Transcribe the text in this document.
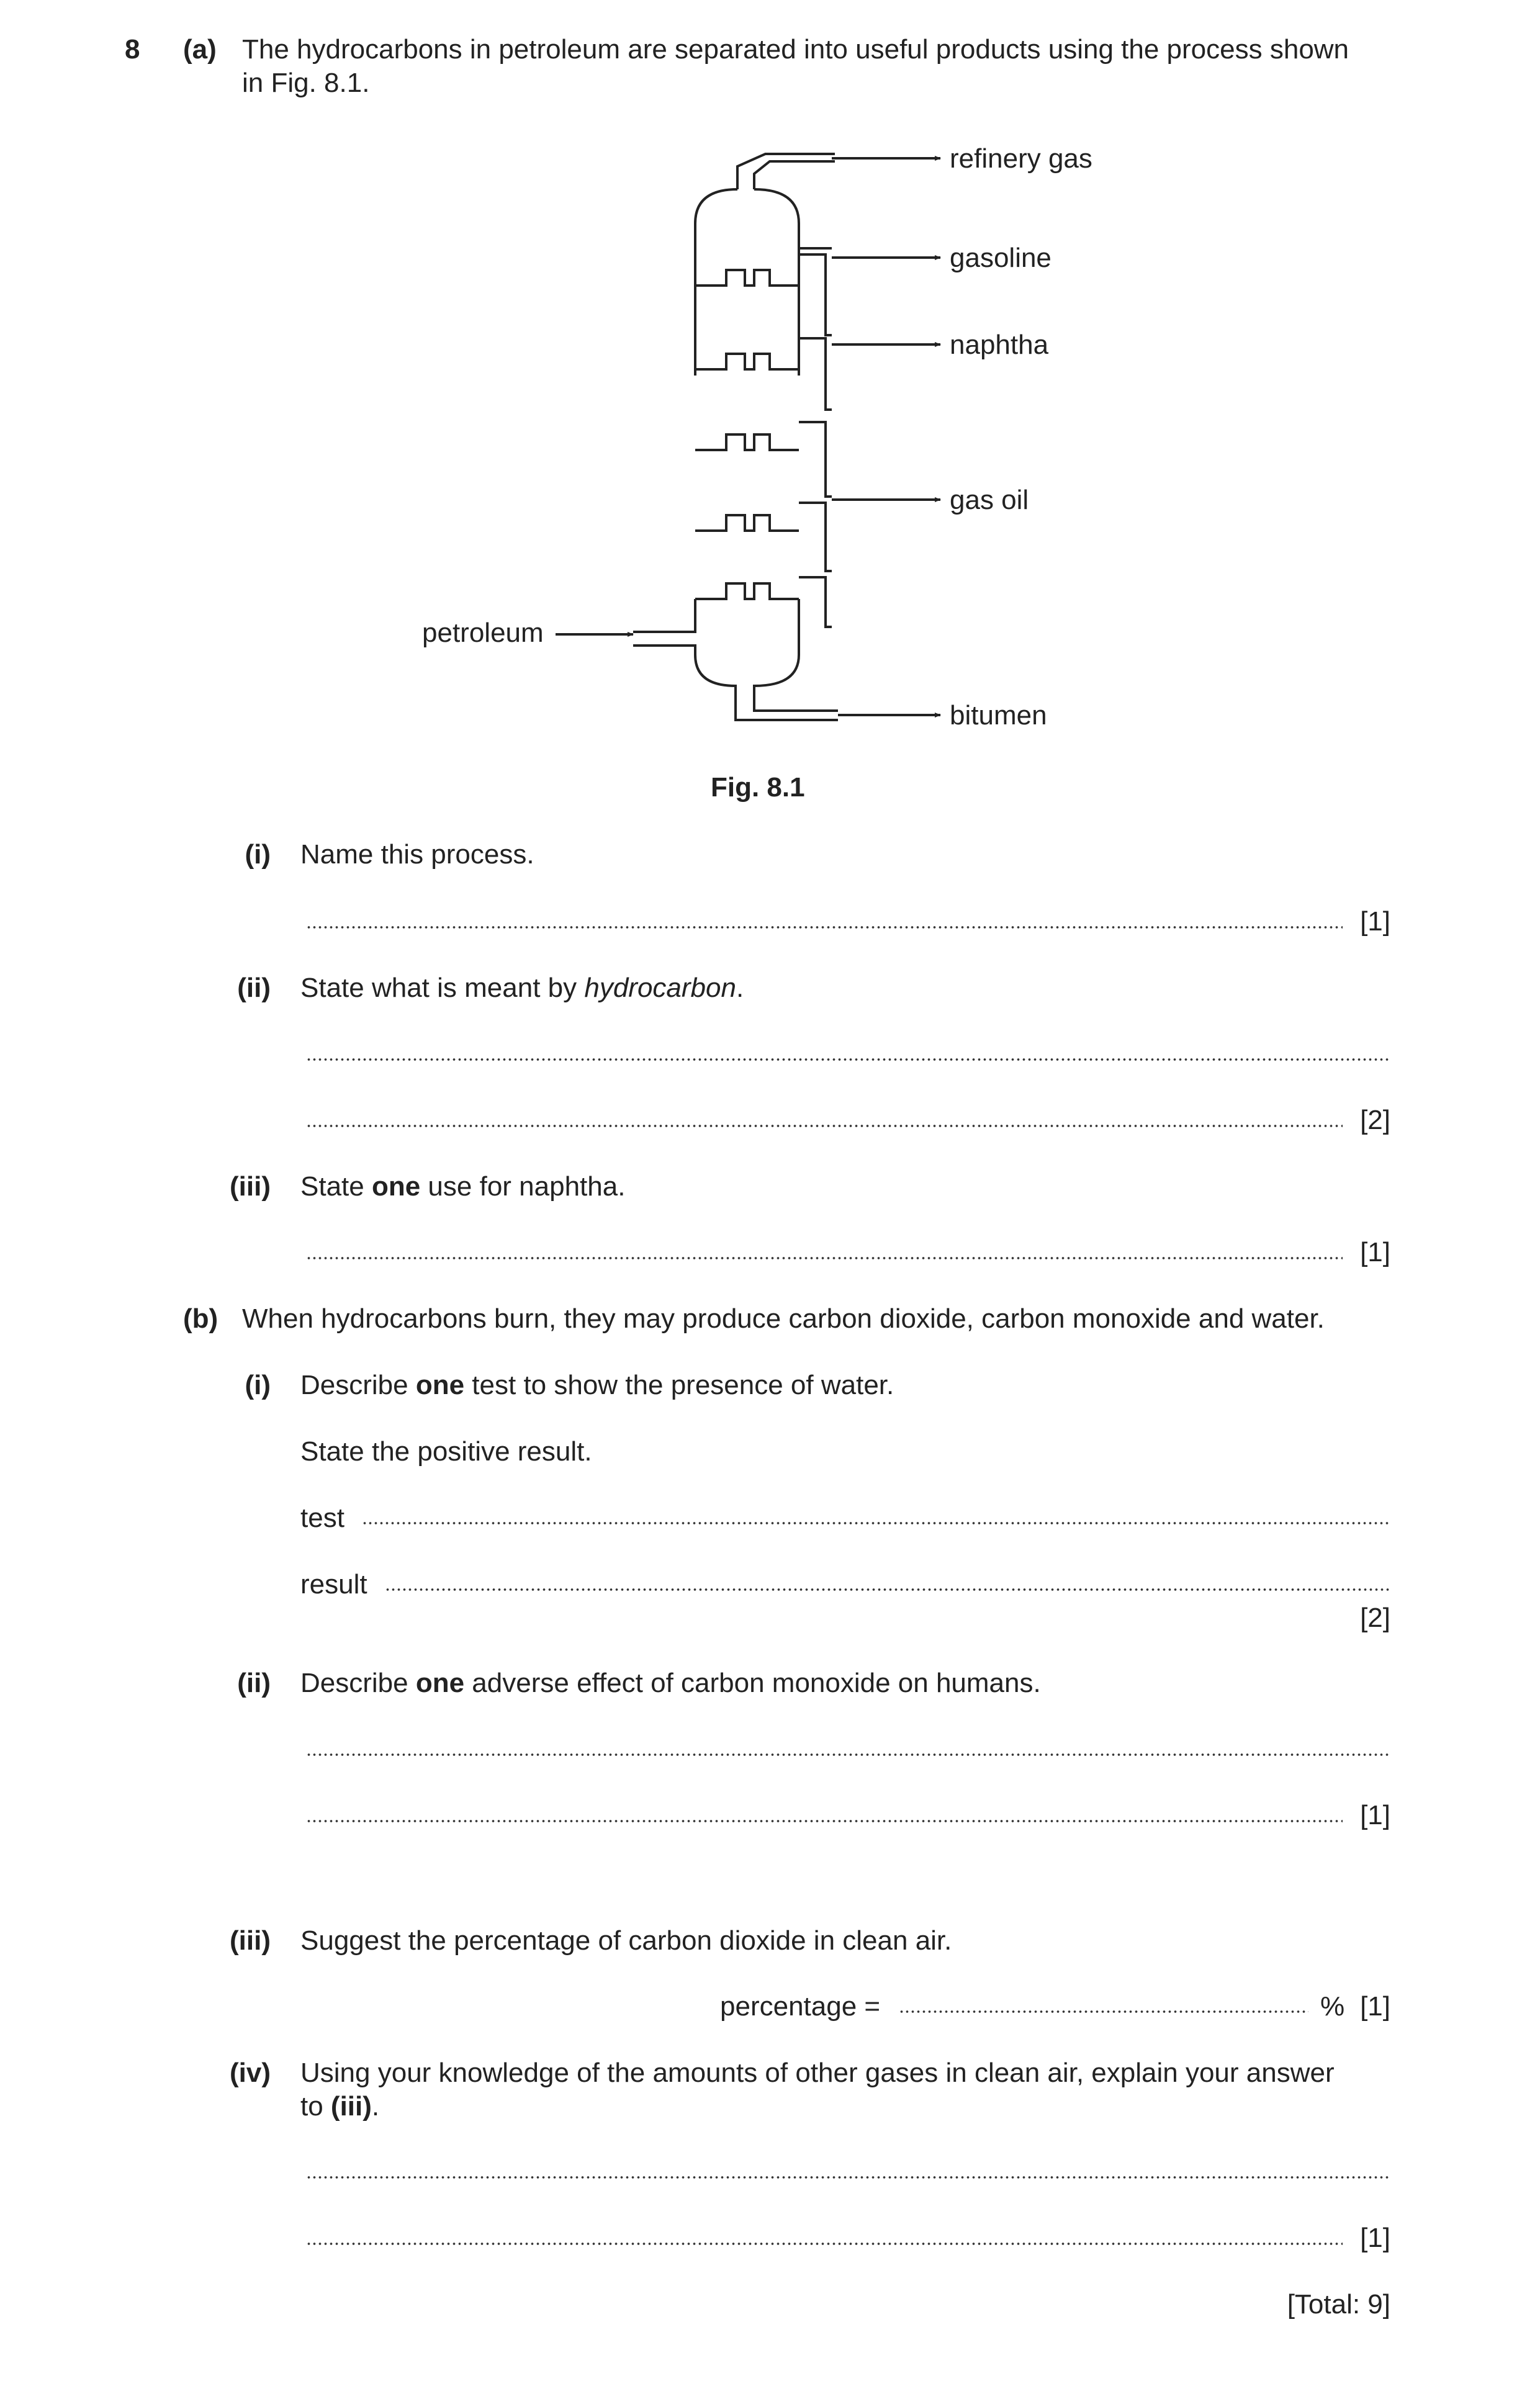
8 (a) The hydrocarbons in petroleum are separated into useful products using the process shown
in Fig. 8.1.
refinery gas
gasoline
naphtha
gas oil
bitumen
petroleum
Fig. 8.1
(i) Name this process.
[1]
(ii) State what is meant by hydrocarbon.
[2]
(iii) State one use for naphtha.
[1]
(b) When hydrocarbons burn, they may produce carbon dioxide, carbon monoxide and water.
(i) Describe one test to show the presence of water.
State the positive result.
test
result
[2]
(ii) Describe one adverse effect of carbon monoxide on humans.
[1]
(iii) Suggest the percentage of carbon dioxide in clean air.
percentage =	% [1]
(iv) Using your knowledge of the amounts of other gases in clean air, explain your answer
to (iii).
[1]
[Total: 9]
